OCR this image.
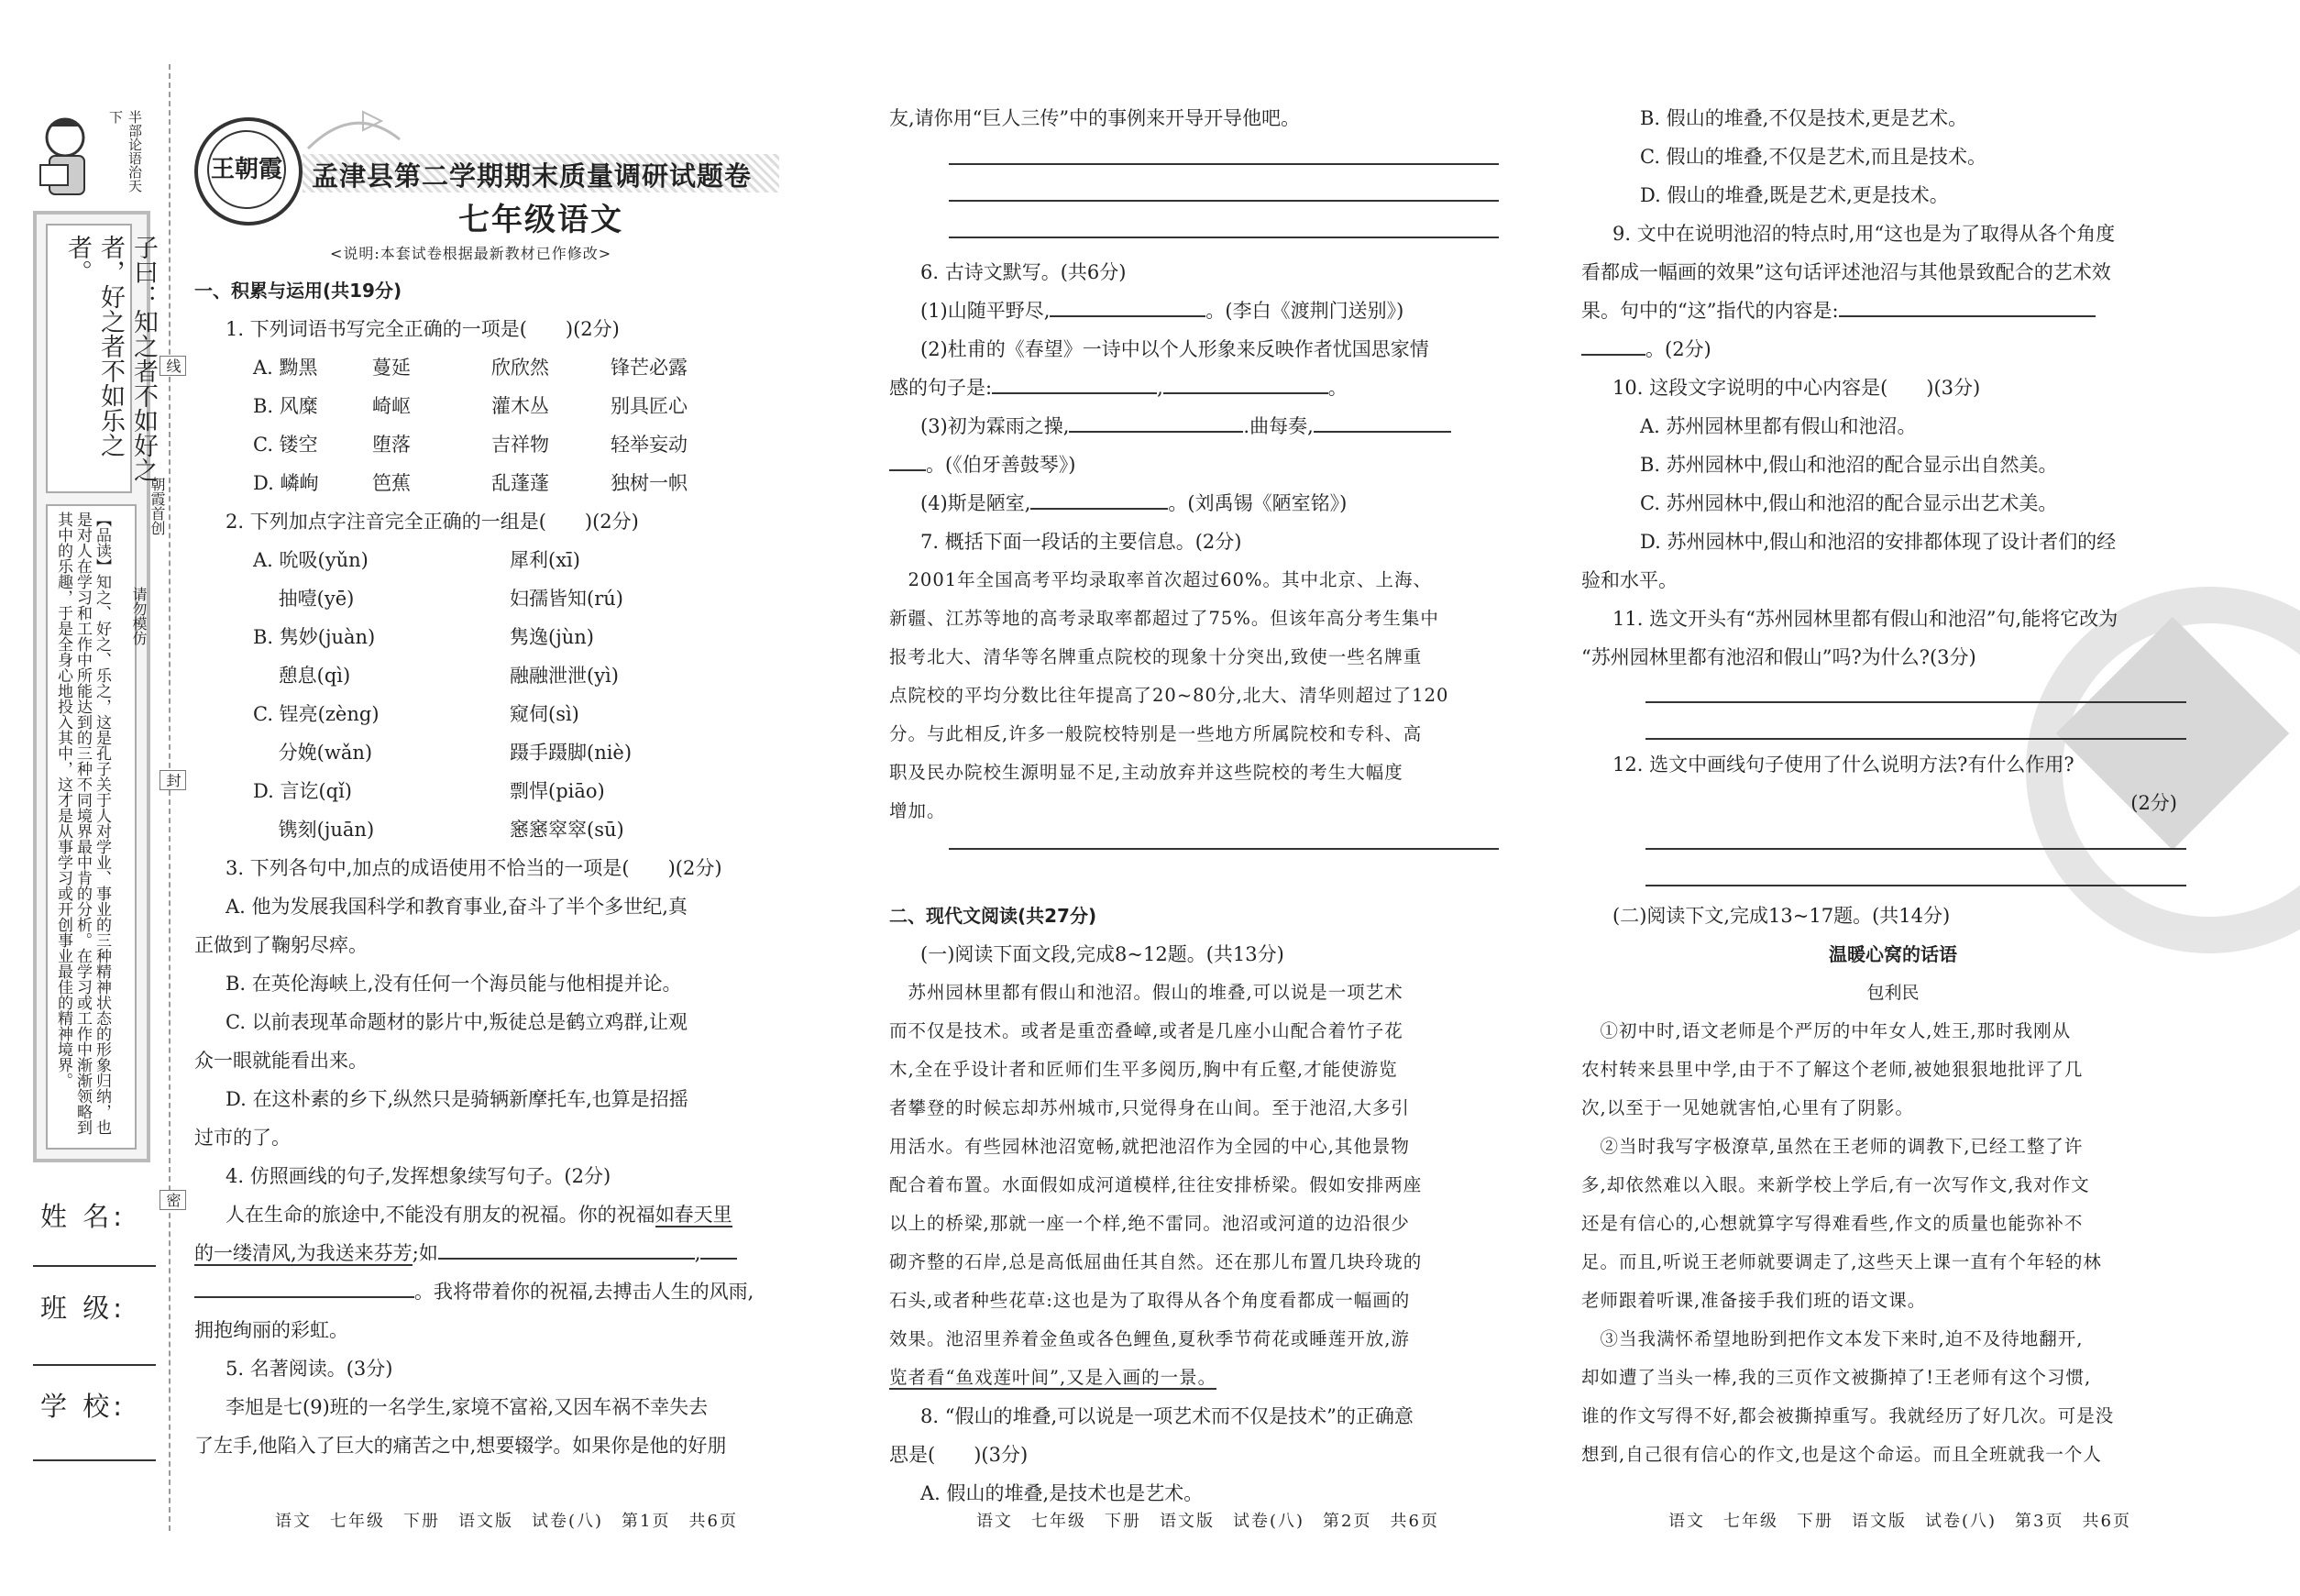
半部论语治天下
子曰：知之者不如好之者，好之者不如乐之者。
【品读】知之、好之、乐之，这是孔子关于人对学业、事业的三种精神状态的形象归纳，也是对人在学习和工作中所能达到的三种不同境界最中肯的分析。在学习或工作中渐渐领略到其中的乐趣，于是全身心地投入其中，这才是从事学习或开创事业最佳的精神境界。
朝霞首创
请勿模仿
线
封
密
姓 名:
班 级:
学 校:
王朝霞 孟津县第二学期期末质量调研试题卷
七年级语文
<说明:本套试卷根据最新教材已作修改>

一、积累与运用(共19分)

1. 下列词语书写完全正确的一项是(　　)(2分)

A. 黝黑	蔓延	欣欣然	锋芒必露

B. 风糜	崎岖	灌木丛	别具匠心

C. 镂空	堕落	吉祥物	轻举妄动

D. 嶙峋	笆蕉	乱蓬蓬	独树一帜

2. 下列加点字注音完全正确的一组是(　　)(2分)

A. 吮吸(yǔn)	犀利(xī)

　 抽噎(yē)	妇孺皆知(rú)

B. 隽妙(juàn)	隽逸(jùn)

　 憩息(qì)	融融泄泄(yì)

C. 锃亮(zèng)	窥伺(sì)

　 分娩(wǎn)	蹑手蹑脚(niè)

D. 言讫(qǐ)	剽悍(piāo)

　 镌刻(juān)	窸窸窣窣(sū)

3. 下列各句中,加点的成语使用不恰当的一项是(　　)(2分)

A. 他为发展我国科学和教育事业,奋斗了半个多世纪,真

正做到了鞠躬尽瘁。

B. 在英伦海峡上,没有任何一个海员能与他相提并论。

C. 以前表现革命题材的影片中,叛徒总是鹤立鸡群,让观

众一眼就能看出来。

D. 在这朴素的乡下,纵然只是骑辆新摩托车,也算是招摇

过市的了。

4. 仿照画线的句子,发挥想象续写句子。(2分)

人在生命的旅途中,不能没有朋友的祝福。你的祝福如春天里

的一缕清风,为我送来芬芳;如	,

。我将带着你的祝福,去搏击人生的风雨,

拥抱绚丽的彩虹。

5. 名著阅读。(3分)

李旭是七(9)班的一名学生,家境不富裕,又因车祸不幸失去

了左手,他陷入了巨大的痛苦之中,想要辍学。如果你是他的好朋

友,请你用“巨人三传”中的事例来开导开导他吧。

6. 古诗文默写。(共6分)

(1)山随平野尽,	。(李白《渡荆门送别》)

(2)杜甫的《春望》一诗中以个人形象来反映作者忧国思家情

感的句子是:	,	。

(3)初为霖雨之操,	.曲每奏,

。(《伯牙善鼓琴》)

(4)斯是陋室,	。(刘禹锡《陋室铭》)

7. 概括下面一段话的主要信息。(2分)

　2001年全国高考平均录取率首次超过60%。其中北京、上海、

新疆、江苏等地的高考录取率都超过了75%。但该年高分考生集中

报考北大、清华等名牌重点院校的现象十分突出,致使一些名牌重

点院校的平均分数比往年提高了20~80分,北大、清华则超过了120

分。与此相反,许多一般院校特别是一些地方所属院校和专科、高

职及民办院校生源明显不足,主动放弃并这些院校的考生大幅度

增加。

二、现代文阅读(共27分)

(一)阅读下面文段,完成8~12题。(共13分)

　苏州园林里都有假山和池沼。假山的堆叠,可以说是一项艺术

而不仅是技术。或者是重峦叠嶂,或者是几座小山配合着竹子花

木,全在乎设计者和匠师们生平多阅历,胸中有丘壑,才能使游览

者攀登的时候忘却苏州城市,只觉得身在山间。至于池沼,大多引

用活水。有些园林池沼宽畅,就把池沼作为全园的中心,其他景物

配合着布置。水面假如成河道模样,往往安排桥梁。假如安排两座

以上的桥梁,那就一座一个样,绝不雷同。池沼或河道的边沿很少

砌齐整的石岸,总是高低屈曲任其自然。还在那儿布置几块玲珑的

石头,或者种些花草:这也是为了取得从各个角度看都成一幅画的

效果。池沼里养着金鱼或各色鲤鱼,夏秋季节荷花或睡莲开放,游

览者看“鱼戏莲叶间”,又是入画的一景。

8. “假山的堆叠,可以说是一项艺术而不仅是技术”的正确意

思是(　　)(3分)

A. 假山的堆叠,是技术也是艺术。

B. 假山的堆叠,不仅是技术,更是艺术。

C. 假山的堆叠,不仅是艺术,而且是技术。

D. 假山的堆叠,既是艺术,更是技术。

9. 文中在说明池沼的特点时,用“这也是为了取得从各个角度

看都成一幅画的效果”这句话评述池沼与其他景致配合的艺术效

果。句中的“这”指代的内容是:

。(2分)

10. 这段文字说明的中心内容是(　　)(3分)

A. 苏州园林里都有假山和池沼。

B. 苏州园林中,假山和池沼的配合显示出自然美。

C. 苏州园林中,假山和池沼的配合显示出艺术美。

D. 苏州园林中,假山和池沼的安排都体现了设计者们的经

验和水平。

11. 选文开头有“苏州园林里都有假山和池沼”句,能将它改为

“苏州园林里都有池沼和假山”吗?为什么?(3分)

12. 选文中画线句子使用了什么说明方法?有什么作用?

(2分)

(二)阅读下文,完成13~17题。(共14分)

温暖心窝的话语

包利民

　①初中时,语文老师是个严厉的中年女人,姓王,那时我刚从

农村转来县里中学,由于不了解这个老师,被她狠狠地批评了几

次,以至于一见她就害怕,心里有了阴影。

　②当时我写字极潦草,虽然在王老师的调教下,已经工整了许

多,却依然难以入眼。来新学校上学后,有一次写作文,我对作文

还是有信心的,心想就算字写得难看些,作文的质量也能弥补不

足。而且,听说王老师就要调走了,这些天上课一直有个年轻的林

老师跟着听课,准备接手我们班的语文课。

　③当我满怀希望地盼到把作文本发下来时,迫不及待地翻开,

却如遭了当头一棒,我的三页作文被撕掉了!王老师有这个习惯,

谁的作文写得不好,都会被撕掉重写。我就经历了好几次。可是没

想到,自己很有信心的作文,也是这个命运。而且全班就我一个人

语文　七年级　下册　语文版　试卷(八)　第1页　共6页	语文　七年级　下册　语文版　试卷(八)　第2页　共6页	语文　七年级　下册　语文版　试卷(八)　第3页　共6页
